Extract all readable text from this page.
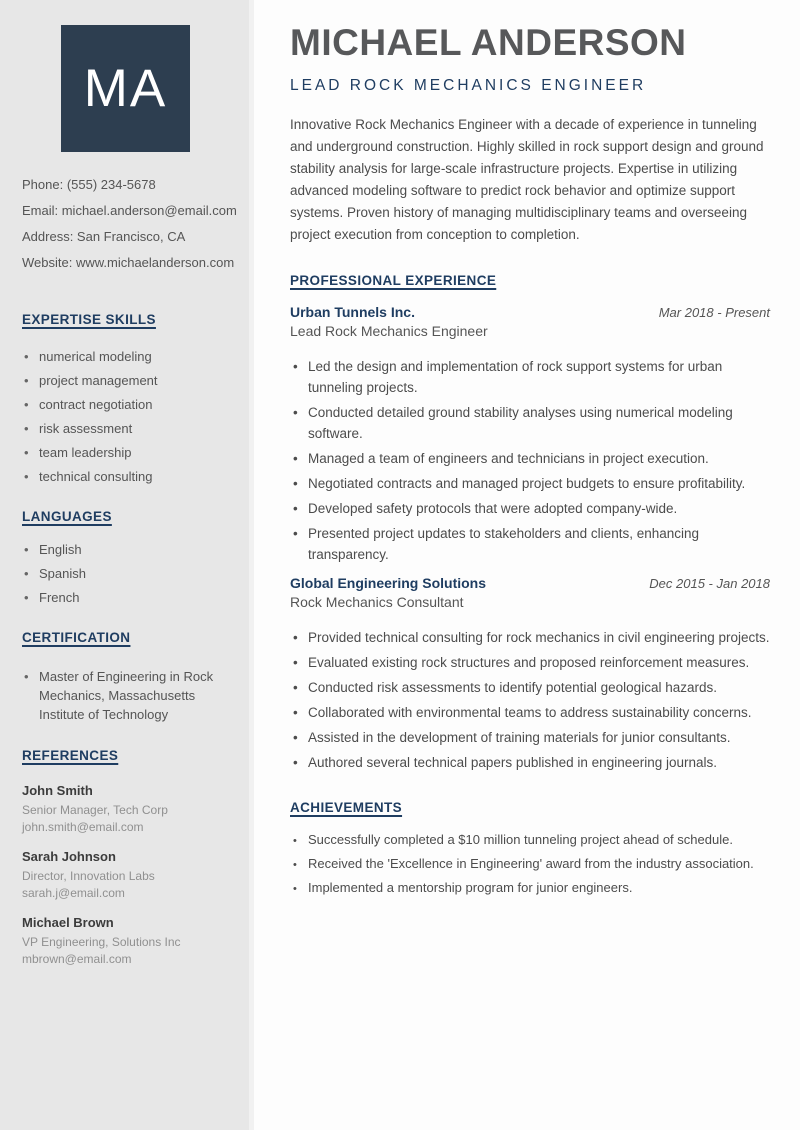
MA
Phone: (555) 234-5678
Email: michael.anderson@email.com
Address: San Francisco, CA
Website: www.michaelanderson.com
EXPERTISE SKILLS
• numerical modeling
• project management
• contract negotiation
• risk assessment
• team leadership
• technical consulting
LANGUAGES
• English
• Spanish
• French
CERTIFICATION
• Master of Engineering in Rock Mechanics, Massachusetts Institute of Technology
REFERENCES
John Smith
Senior Manager, Tech Corp
john.smith@email.com
Sarah Johnson
Director, Innovation Labs
sarah.j@email.com
Michael Brown
VP Engineering, Solutions Inc
mbrown@email.com
MICHAEL ANDERSON
LEAD ROCK MECHANICS ENGINEER

Innovative Rock Mechanics Engineer with a decade of experience in tunneling and underground construction. Highly skilled in rock support design and ground stability analysis for large-scale infrastructure projects. Expertise in utilizing advanced modeling software to predict rock behavior and optimize support systems. Proven history of managing multidisciplinary teams and overseeing project execution from conception to completion.

PROFESSIONAL EXPERIENCE
Urban Tunnels Inc.	Mar 2018 - Present
Lead Rock Mechanics Engineer
• Led the design and implementation of rock support systems for urban tunneling projects.
• Conducted detailed ground stability analyses using numerical modeling software.
• Managed a team of engineers and technicians in project execution.
• Negotiated contracts and managed project budgets to ensure profitability.
• Developed safety protocols that were adopted company-wide.
• Presented project updates to stakeholders and clients, enhancing transparency.
Global Engineering Solutions	Dec 2015 - Jan 2018
Rock Mechanics Consultant
• Provided technical consulting for rock mechanics in civil engineering projects.
• Evaluated existing rock structures and proposed reinforcement measures.
• Conducted risk assessments to identify potential geological hazards.
• Collaborated with environmental teams to address sustainability concerns.
• Assisted in the development of training materials for junior consultants.
• Authored several technical papers published in engineering journals.
ACHIEVEMENTS
• Successfully completed a $10 million tunneling project ahead of schedule.
• Received the 'Excellence in Engineering' award from the industry association.
• Implemented a mentorship program for junior engineers.
